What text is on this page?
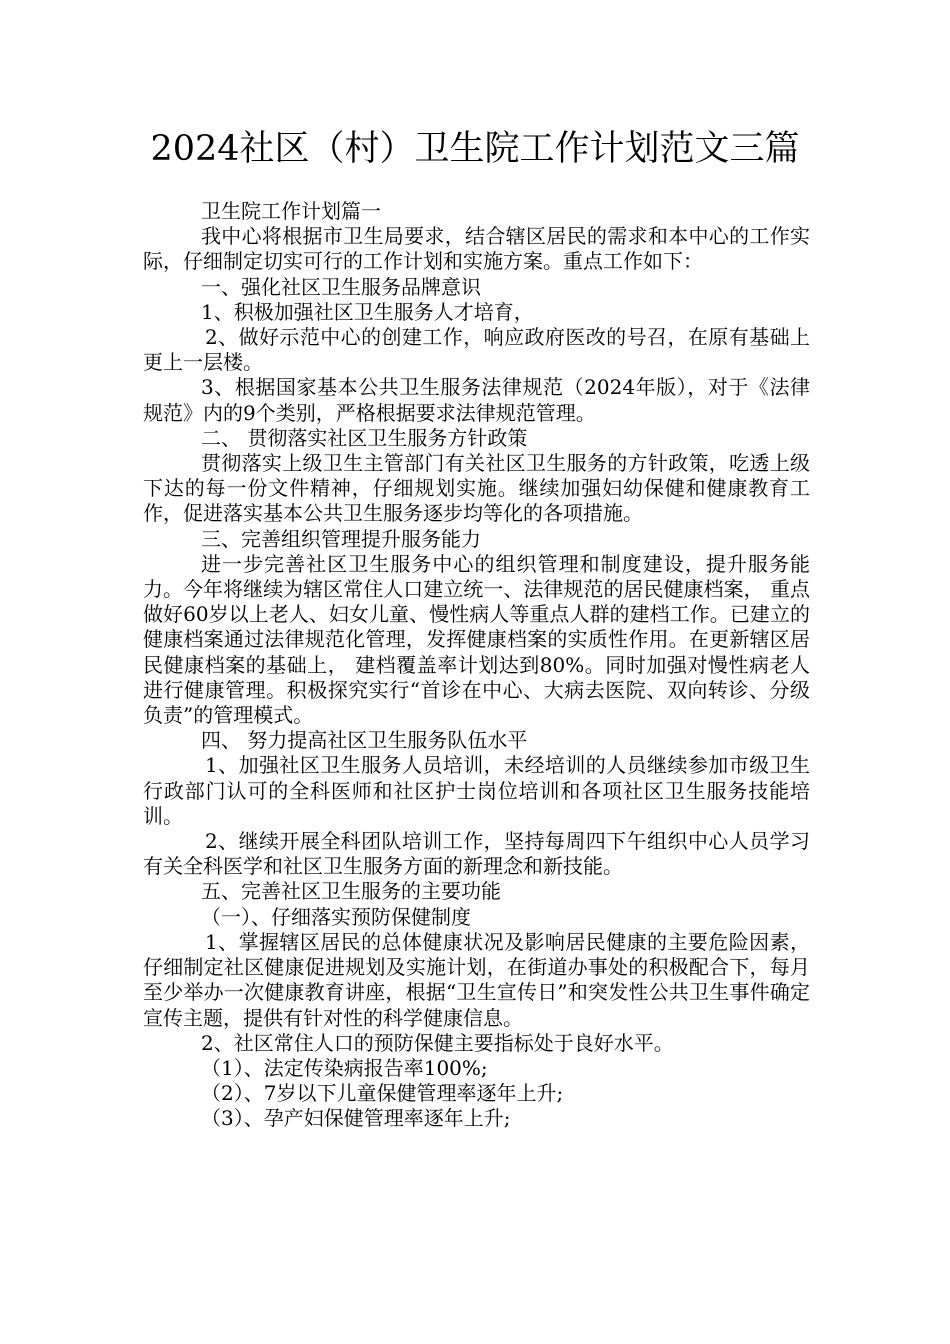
2024社区（村）卫生院工作计划范文三篇

卫生院工作计划篇一

我中心将根据市卫生局要求，结合辖区居民的需求和本中心的工作实际，仔细制定切实可行的工作计划和实施方案。重点工作如下：

一、强化社区卫生服务品牌意识

1、积极加强社区卫生服务人才培育，

2、做好示范中心的创建工作，响应政府医改的号召，在原有基础上更上一层楼。

3、根据国家基本公共卫生服务法律规范（2024年版），对于《法律规范》内的9个类别，严格根据要求法律规范管理。

二、 贯彻落实社区卫生服务方针政策

贯彻落实上级卫生主管部门有关社区卫生服务的方针政策，吃透上级下达的每一份文件精神，仔细规划实施。继续加强妇幼保健和健康教育工作，促进落实基本公共卫生服务逐步均等化的各项措施。

三、完善组织管理提升服务能力

进一步完善社区卫生服务中心的组织管理和制度建设，提升服务能力。今年将继续为辖区常住人口建立统一、法律规范的居民健康档案， 重点做好60岁以上老人、妇女儿童、慢性病人等重点人群的建档工作。已建立的健康档案通过法律规范化管理，发挥健康档案的实质性作用。在更新辖区居民健康档案的基础上， 建档覆盖率计划达到80%。同时加强对慢性病老人进行健康管理。积极探究实行“首诊在中心、大病去医院、双向转诊、分级负责”的管理模式。

四、 努力提高社区卫生服务队伍水平

1、加强社区卫生服务人员培训，未经培训的人员继续参加市级卫生行政部门认可的全科医师和社区护士岗位培训和各项社区卫生服务技能培训。

2、继续开展全科团队培训工作，坚持每周四下午组织中心人员学习有关全科医学和社区卫生服务方面的新理念和新技能。

五、完善社区卫生服务的主要功能

（一）、仔细落实预防保健制度

1、掌握辖区居民的总体健康状况及影响居民健康的主要危险因素，仔细制定社区健康促进规划及实施计划，在街道办事处的积极配合下，每月至少举办一次健康教育讲座，根据“卫生宣传日”和突发性公共卫生事件确定宣传主题，提供有针对性的科学健康信息。

2、社区常住人口的预防保健主要指标处于良好水平。

（1）、法定传染病报告率100%;

（2）、7岁以下儿童保健管理率逐年上升;

（3）、孕产妇保健管理率逐年上升;
